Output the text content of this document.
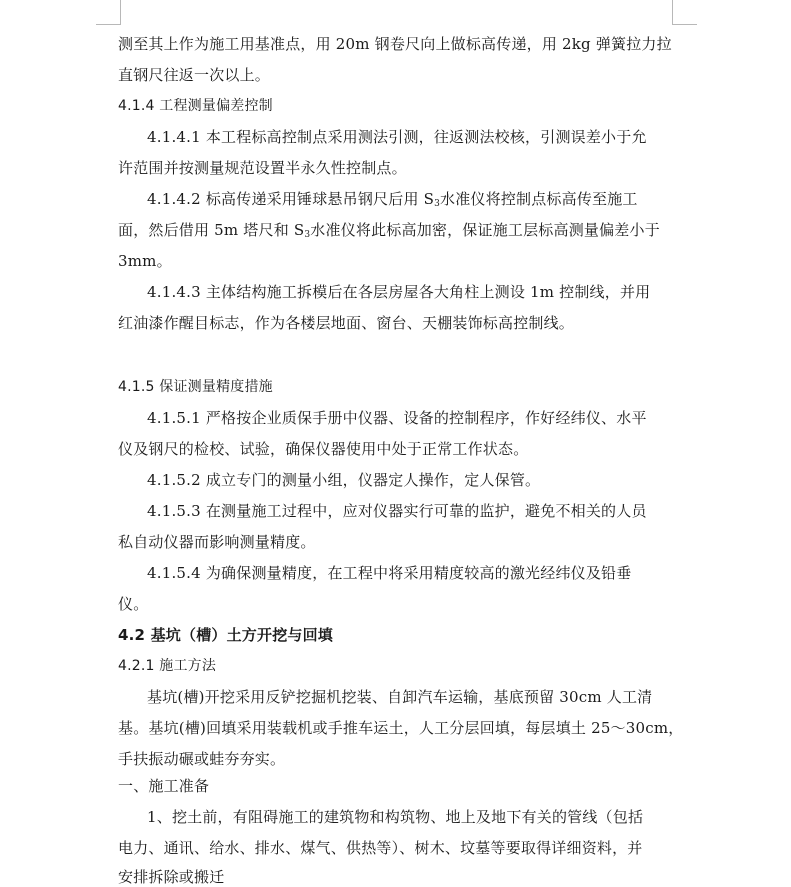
测至其上作为施工用基准点，用 20m 钢卷尺向上做标高传递，用 2kg 弹簧拉力拉
直钢尺往返一次以上。
4.1.4 工程测量偏差控制
4.1.4.1 本工程标高控制点采用测法引测，往返测法校核，引测误差小于允
许范围并按测量规范设置半永久性控制点。
4.1.4.2 标高传递采用锤球悬吊钢尺后用 $S_3$水准仪将控制点标高传至施工
面，然后借用 5m 塔尺和 $S_3$水准仪将此标高加密，保证施工层标高测量偏差小于
3mm。
4.1.4.3 主体结构施工拆模后在各层房屋各大角柱上测设 1m 控制线，并用
红油漆作醒目标志，作为各楼层地面、窗台、天棚装饰标高控制线。
4.1.5 保证测量精度措施
4.1.5.1 严格按企业质保手册中仪器、设备的控制程序，作好经纬仪、水平
仪及钢尺的检校、试验，确保仪器使用中处于正常工作状态。
4.1.5.2 成立专门的测量小组，仪器定人操作，定人保管。
4.1.5.3 在测量施工过程中，应对仪器实行可靠的监护，避免不相关的人员
私自动仪器而影响测量精度。
4.1.5.4 为确保测量精度，在工程中将采用精度较高的激光经纬仪及铅垂
仪。
4.2 基坑（槽）土方开挖与回填
4.2.1 施工方法
基坑(槽)开挖采用反铲挖掘机挖装、自卸汽车运输，基底预留 30cm 人工清
基。基坑(槽)回填采用装载机或手推车运土，人工分层回填，每层填土 25～30cm，
手扶振动碾或蛙夯夯实。
一、施工准备
1、挖土前，有阻碍施工的建筑物和构筑物、地上及地下有关的管线（包括
电力、通讯、给水、排水、煤气、供热等）、树木、坟墓等要取得详细资料，并
安排拆除或搬迁
